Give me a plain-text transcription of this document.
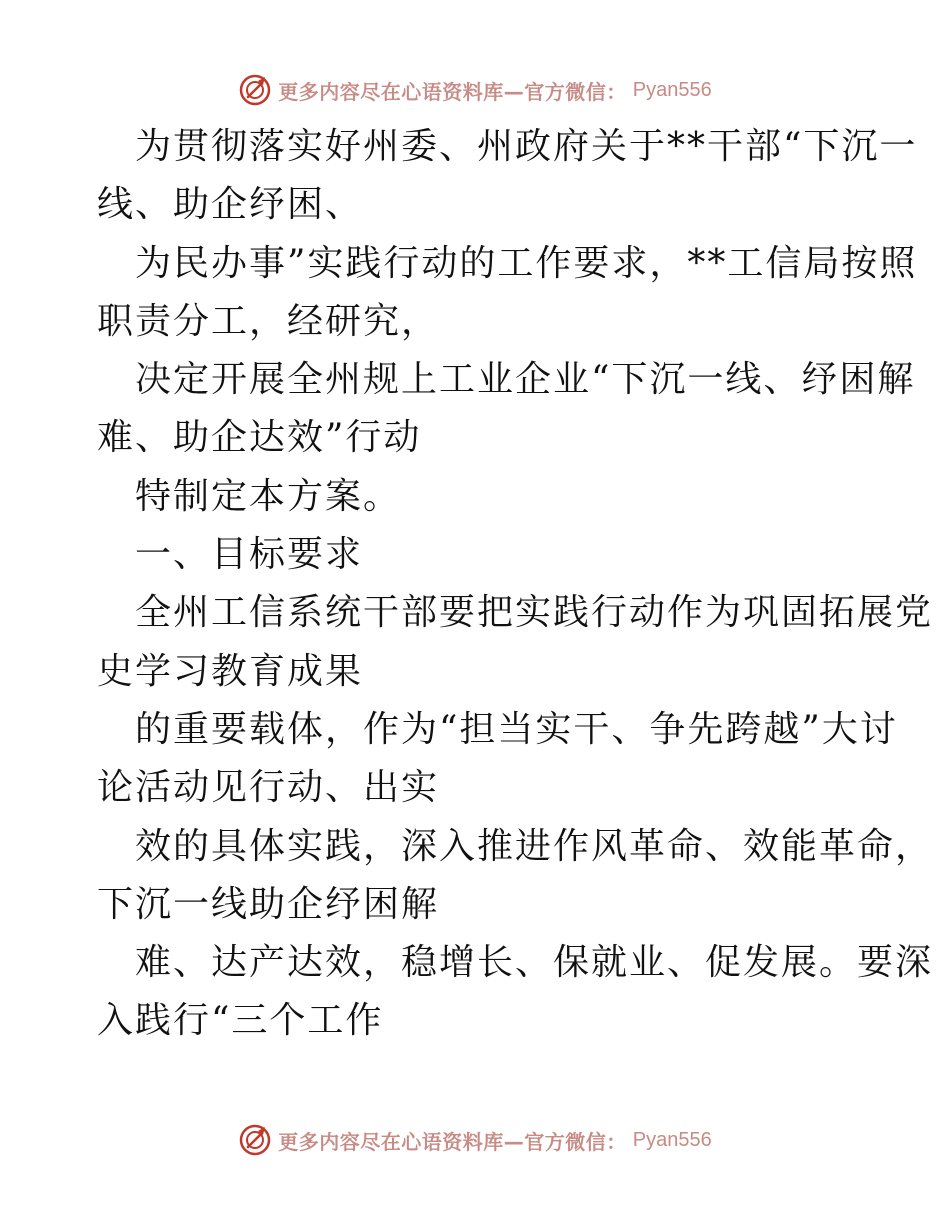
更多内容尽在心语资料库—官方微信： Pyan556
为贯彻落实好州委、州政府关于**干部“下沉一
线、助企纾困、
为民办事”实践行动的工作要求，**工信局按照
职责分工，经研究，
决定开展全州规上工业企业“下沉一线、纾困解
难、助企达效”行动
特制定本方案。
一、目标要求
全州工信系统干部要把实践行动作为巩固拓展党
史学习教育成果
的重要载体，作为“担当实干、争先跨越”大讨
论活动见行动、出实
效的具体实践，深入推进作风革命、效能革命，
下沉一线助企纾困解
难、达产达效，稳增长、保就业、促发展。要深
入践行“三个工作
更多内容尽在心语资料库—官方微信： Pyan556
